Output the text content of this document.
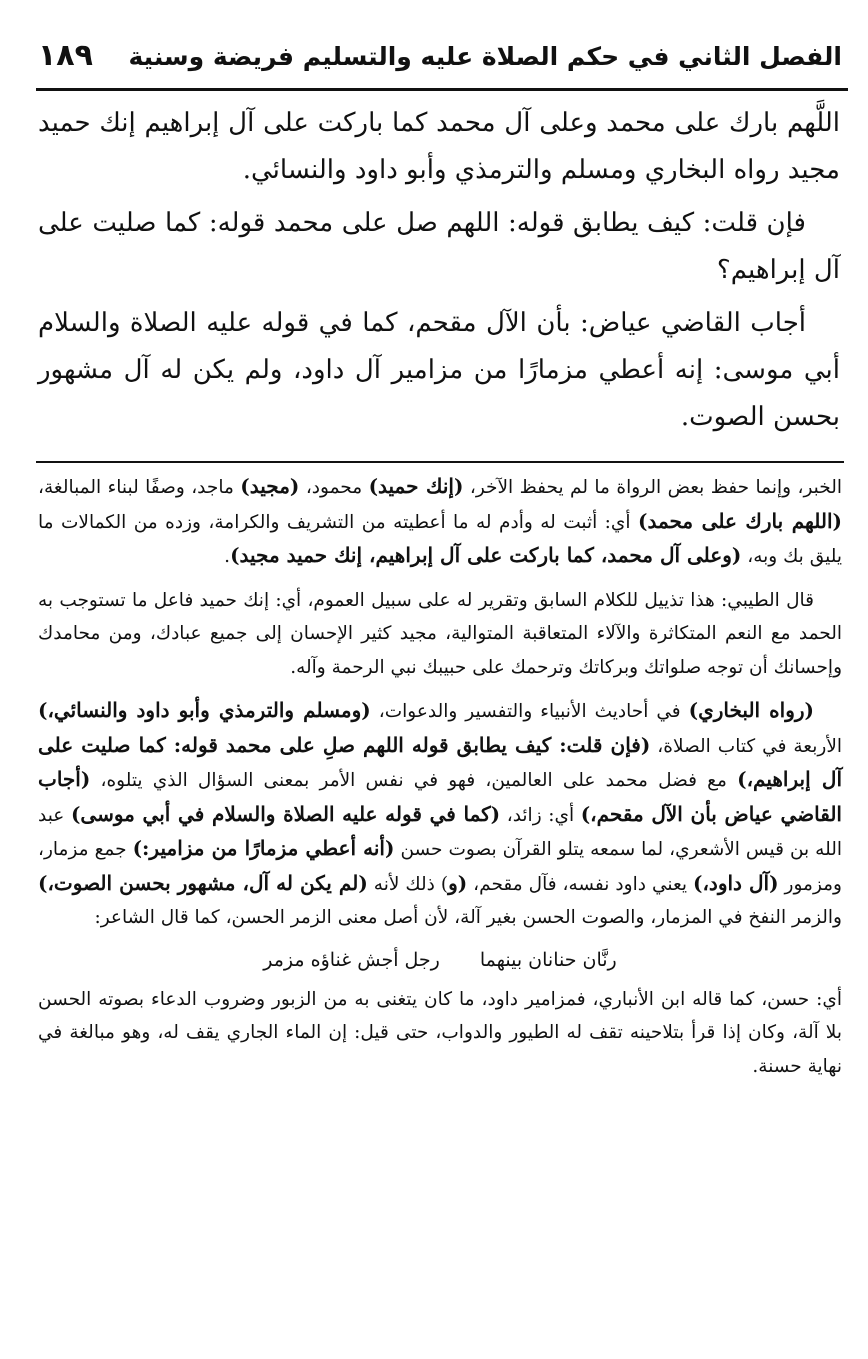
الفصل الثاني في حكم الصلاة عليه والتسليم فريضة وسنية
١٨٩

اللَّهم بارك على محمد وعلى آل محمد كما باركت على آل إبراهيم إنك حميد مجيد رواه البخاري ومسلم والترمذي وأبو داود والنسائي.

فإن قلت: كيف يطابق قوله: اللهم صل على محمد قوله: كما صليت على آل إبراهيم؟

أجاب القاضي عياض: بأن الآل مقحم، كما في قوله عليه الصلاة والسلام أبي موسى: إنه أعطي مزمارًا من مزامير آل داود، ولم يكن له آل مشهور بحسن الصوت.

الخبر، وإنما حفظ بعض الرواة ما لم يحفظ الآخر، (إنك حميد) محمود، (مجيد) ماجد، وصفًا لبناء المبالغة، (اللهم بارك على محمد) أي: أثبت له وأدم له ما أعطيته من التشريف والكرامة، وزده من الكمالات ما يليق بك وبه، (وعلى آل محمد، كما باركت على آل إبراهيم، إنك حميد مجيد).

قال الطيبي: هذا تذييل للكلام السابق وتقرير له على سبيل العموم، أي: إنك حميد فاعل ما تستوجب به الحمد مع النعم المتكاثرة والآلاء المتعاقبة المتوالية، مجيد كثير الإحسان إلى جميع عبادك، ومن محامدك وإحسانك أن توجه صلواتك وبركاتك وترحمك على حبيبك نبي الرحمة وآله.

(رواه البخاري) في أحاديث الأنبياء والتفسير والدعوات، (ومسلم والترمذي وأبو داود والنسائي،) الأربعة في كتاب الصلاة، (فإن قلت: كيف يطابق قوله اللهم صلِ على محمد قوله: كما صليت على آل إبراهيم،) مع فضل محمد على العالمين، فهو في نفس الأمر بمعنى السؤال الذي يتلوه، (أجاب القاضي عياض بأن الآل مقحم،) أي: زائد، (كما في قوله عليه الصلاة والسلام في أبي موسى) عبد الله بن قيس الأشعري، لما سمعه يتلو القرآن بصوت حسن (أنه أعطي مزمارًا من مزامير:) جمع مزمار، ومزمور (آل داود،) يعني داود نفسه، فآل مقحم، (و) ذلك لأنه (لم يكن له آل، مشهور بحسن الصوت،) والزمر النفخ في المزمار، والصوت الحسن بغير آلة، لأن أصل معنى الزمر الحسن، كما قال الشاعر:

رنَّان حنانان بينهما
رجل أجش غناؤه مزمر

أي: حسن، كما قاله ابن الأنباري، فمزامير داود، ما كان يتغنى به من الزبور وضروب الدعاء بصوته الحسن بلا آلة، وكان إذا قرأ بتلاحينه تقف له الطيور والدواب، حتى قيل: إن الماء الجاري يقف له، وهو مبالغة في نهاية حسنة.
